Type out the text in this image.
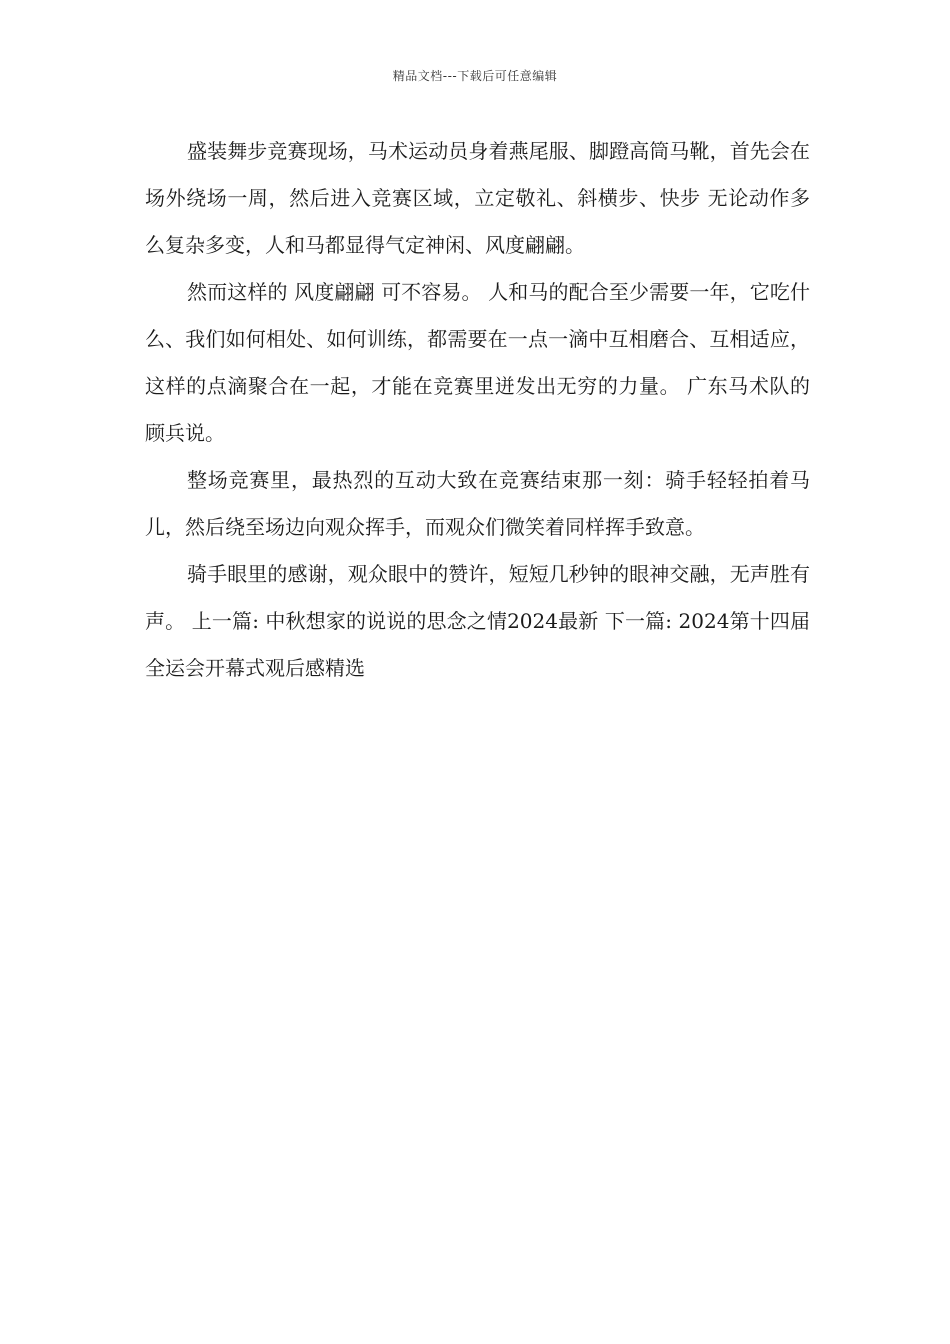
精品文档---下载后可任意编辑

盛装舞步竞赛现场，马术运动员身着燕尾服、脚蹬高筒马靴，首先会在场外绕场一周，然后进入竞赛区域，立定敬礼、斜横步、快步 无论动作多么复杂多变，人和马都显得气定神闲、风度翩翩。

然而这样的 风度翩翩 可不容易。 人和马的配合至少需要一年，它吃什么、我们如何相处、如何训练，都需要在一点一滴中互相磨合、互相适应，这样的点滴聚合在一起，才能在竞赛里迸发出无穷的力量。 广东马术队的顾兵说。

整场竞赛里，最热烈的互动大致在竞赛结束那一刻：骑手轻轻拍着马儿，然后绕至场边向观众挥手，而观众们微笑着同样挥手致意。

骑手眼里的感谢，观众眼中的赞许，短短几秒钟的眼神交融，无声胜有声。 上一篇: 中秋想家的说说的思念之情2024最新 下一篇: 2024第十四届全运会开幕式观后感精选
